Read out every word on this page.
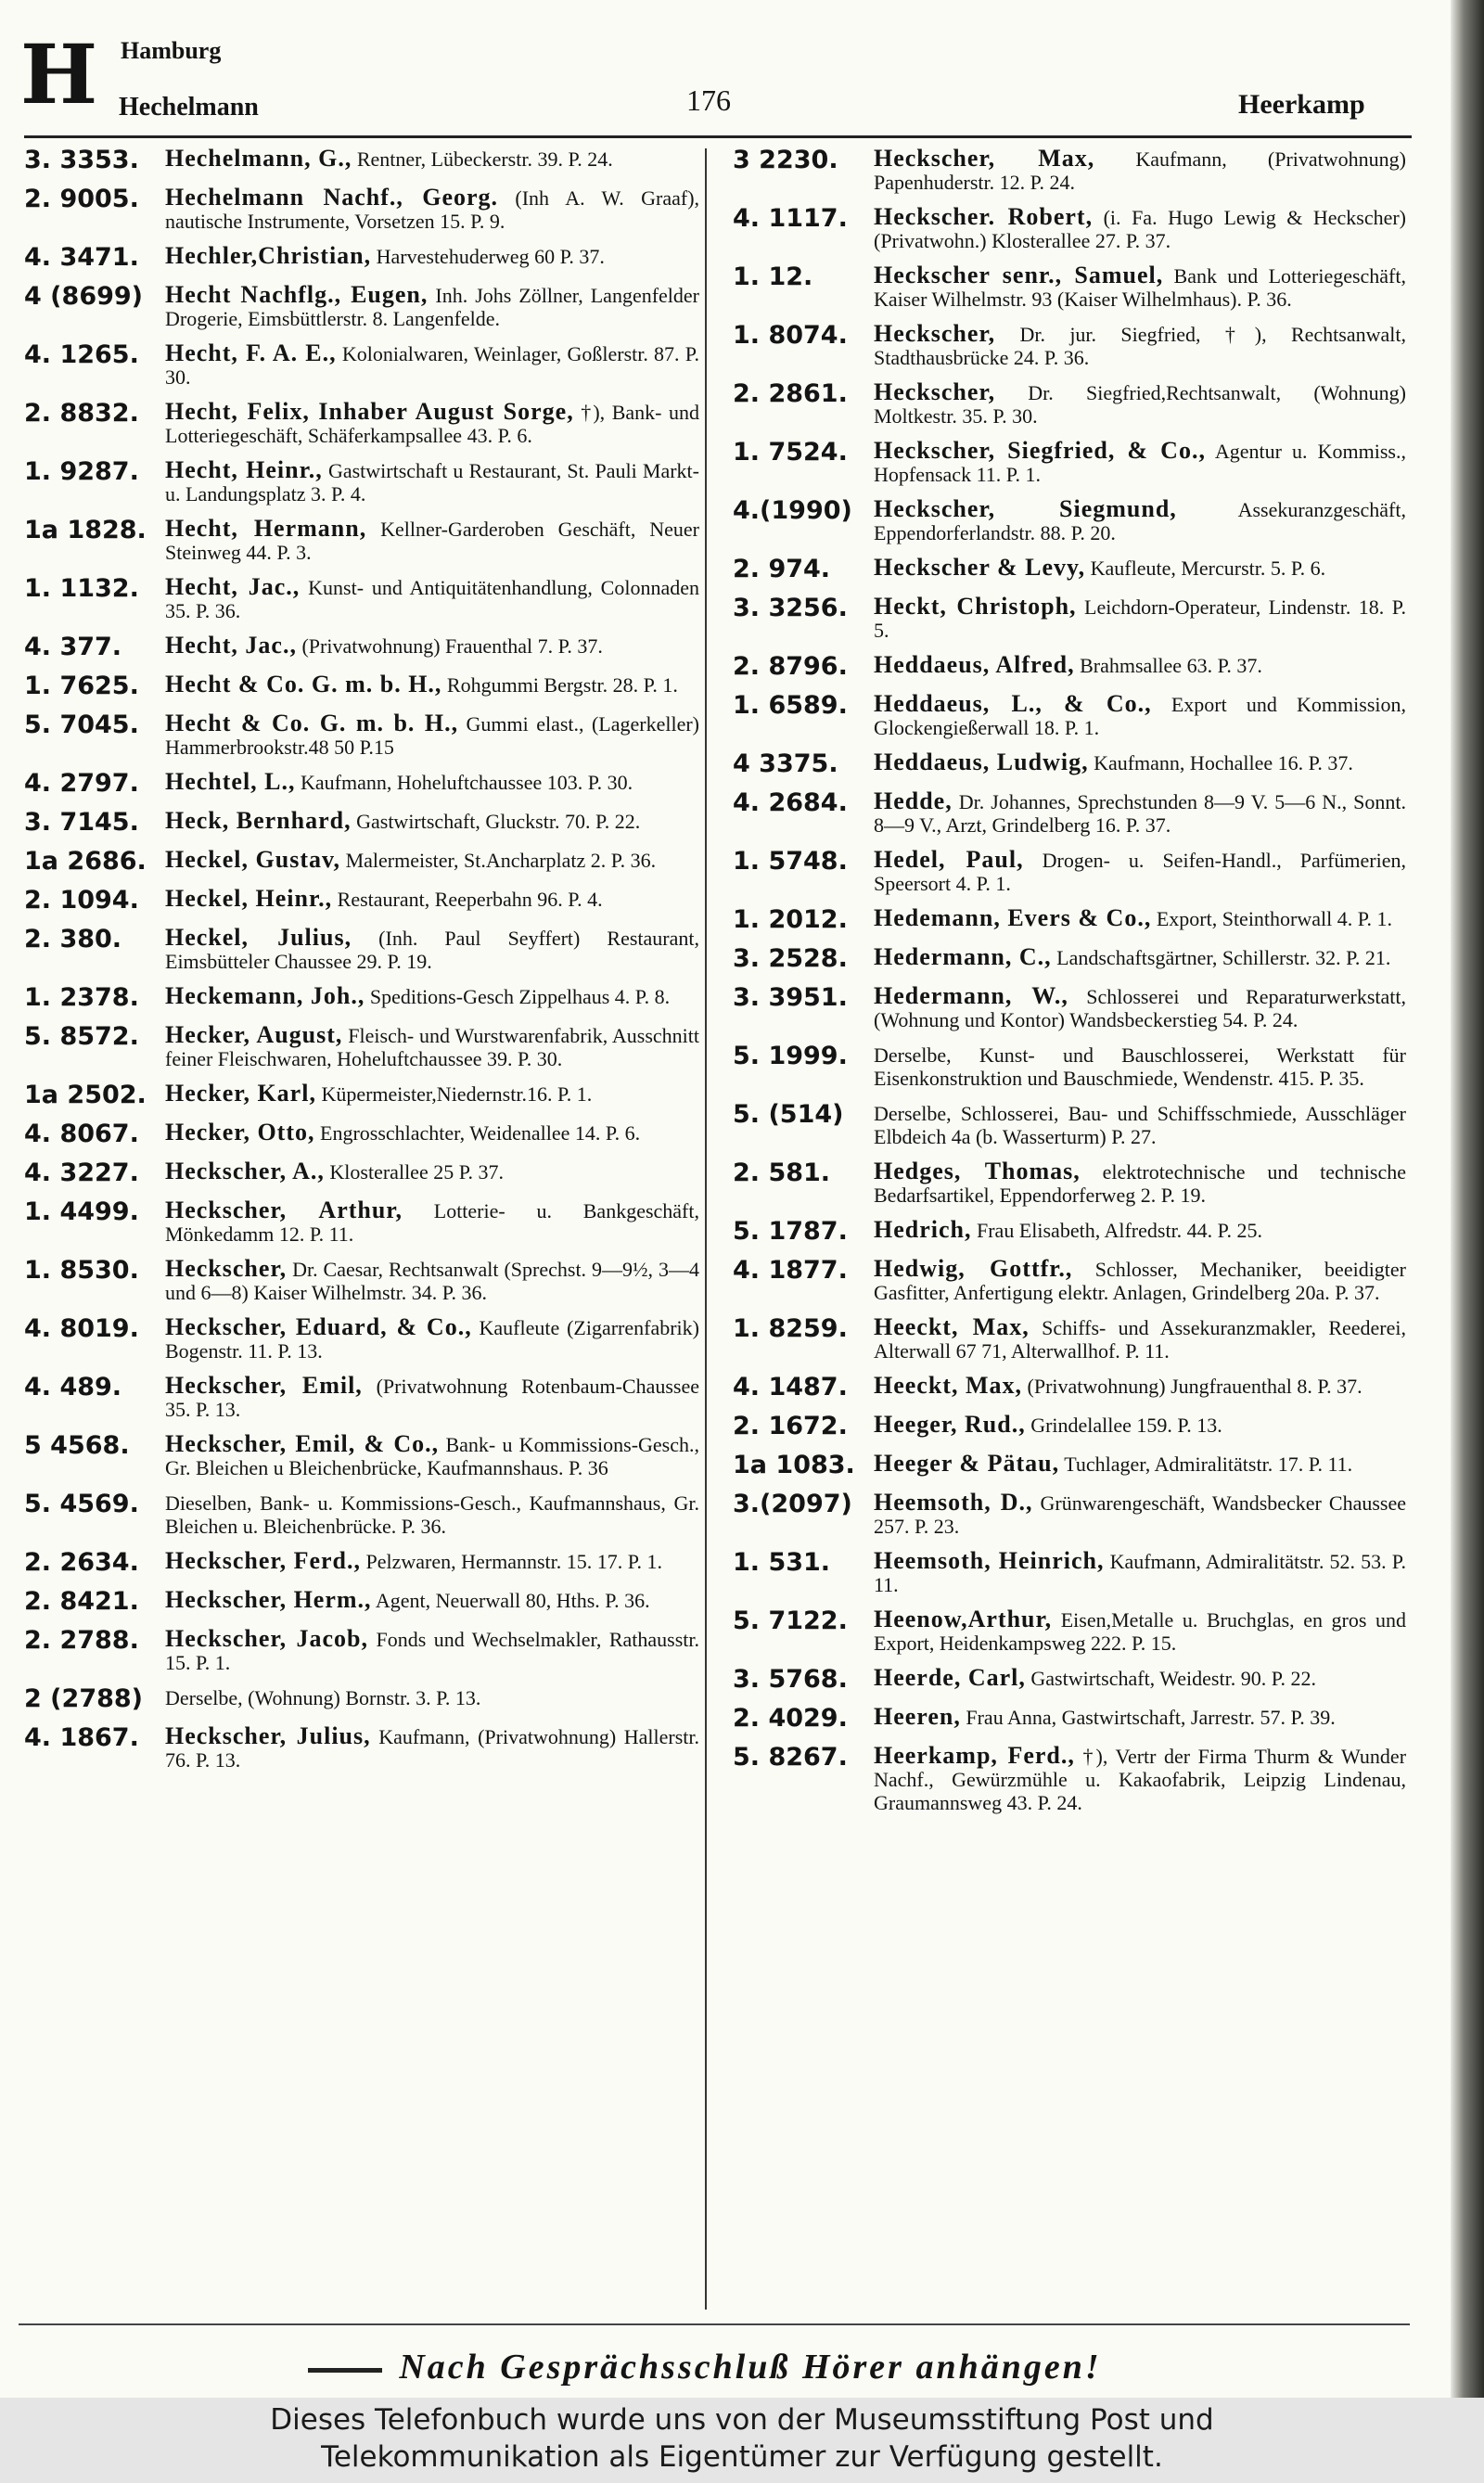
H Hamburg
Hechelmann	176	Heerkamp
3. 3353.	Hechelmann, G., Rentner, Lübeckerstr. 39. P. 24.
2. 9005.	Hechelmann Nachf., Georg. (Inh A. W. Graaf), nautische Instrumente, Vorsetzen 15. P. 9.
4. 3471.	Hechler,Christian, Harvestehuderweg 60 P. 37.
4 (8699) Hecht Nachflg., Eugen, Inh. Johs Zöllner, Langenfelder Drogerie, Eimsbüttlerstr. 8. Langenfelde.
4. 1265.	Hecht, F. A. E., Kolonialwaren, Weinlager, Goßlerstr. 87. P. 30.
2. 8832.	Hecht, Felix, Inhaber August Sorge, †), Bank- und Lotteriegeschäft, Schäferkampsallee 43. P. 6.
1. 9287.	Hecht, Heinr., Gastwirtschaft u Restaurant, St. Pauli Markt- u. Landungsplatz 3. P. 4.
1a 1828. Hecht, Hermann, Kellner-Garderoben Geschäft, Neuer Steinweg 44. P. 3.
1. 1132.	Hecht, Jac., Kunst- und Antiquitätenhandlung, Colonnaden 35. P. 36.
4. 377.	Hecht, Jac., (Privatwohnung) Frauenthal 7. P. 37.
1. 7625.	Hecht & Co. G. m. b. H., Rohgummi Bergstr. 28. P. 1.
5. 7045.	Hecht & Co. G. m. b. H., Gummi elast., (Lagerkeller) Hammerbrookstr.48 50 P.15
4. 2797.	Hechtel, L., Kaufmann, Hoheluftchaussee 103. P. 30.
3. 7145.	Heck, Bernhard, Gastwirtschaft, Gluckstr. 70. P. 22.
1a 2686. Heckel, Gustav, Malermeister, St.Ancharplatz 2. P. 36.
2. 1094.	Heckel, Heinr., Restaurant, Reeperbahn 96. P. 4.
2. 380.	Heckel, Julius, (Inh. Paul Seyffert) Restaurant, Eimsbütteler Chaussee 29. P. 19.
1. 2378.	Heckemann, Joh., Speditions-Gesch Zippelhaus 4. P. 8.
5. 8572.	Hecker, August, Fleisch- und Wurstwarenfabrik, Ausschnitt feiner Fleischwaren, Hoheluftchaussee 39. P. 30.
1a 2502. Hecker, Karl, Küpermeister,Niedernstr.16. P. 1.
4. 8067.	Hecker, Otto, Engrosschlachter, Weidenallee 14. P. 6.
4. 3227.	Heckscher, A., Klosterallee 25 P. 37.
1. 4499.	Heckscher, Arthur, Lotterie- u. Bankgeschäft, Mönkedamm 12. P. 11.
1. 8530.	Heckscher, Dr. Caesar, Rechtsanwalt (Sprechst. 9—9½, 3—4 und 6—8) Kaiser Wilhelmstr. 34. P. 36.
4. 8019.	Heckscher, Eduard, & Co., Kaufleute (Zigarrenfabrik) Bogenstr. 11. P. 13.
4. 489.	Heckscher, Emil, (Privatwohnung Rotenbaum-Chaussee 35. P. 13.
5 4568.	Heckscher, Emil, & Co., Bank- u Kommissions-Gesch., Gr. Bleichen u Bleichenbrücke, Kaufmannshaus. P. 36
5. 4569.	Dieselben, Bank- u. Kommissions-Gesch., Kaufmannshaus, Gr. Bleichen u. Bleichenbrücke. P. 36.
2. 2634.	Heckscher, Ferd., Pelzwaren, Hermannstr. 15. 17. P. 1.
2. 8421.	Heckscher, Herm., Agent, Neuerwall 80, Hths. P. 36.
2. 2788.	Heckscher, Jacob, Fonds und Wechselmakler, Rathausstr. 15. P. 1.
2 (2788)	Derselbe, (Wohnung) Bornstr. 3. P. 13.
4. 1867.	Heckscher, Julius, Kaufmann, (Privatwohnung) Hallerstr. 76. P. 13.
3 2230.	Heckscher, Max, Kaufmann, (Privatwohnung) Papenhuderstr. 12. P. 24.
4. 1117.	Heckscher. Robert, (i. Fa. Hugo Lewig & Heckscher) (Privatwohn.) Klosterallee 27. P. 37.
1. 12.	Heckscher senr., Samuel, Bank und Lotteriegeschäft, Kaiser Wilhelmstr. 93 (Kaiser Wilhelmhaus). P. 36.
1. 8074.	Heckscher, Dr. jur. Siegfried, †), Rechtsanwalt, Stadthausbrücke 24. P. 36.
2. 2861.	Heckscher, Dr. Siegfried,Rechtsanwalt, (Wohnung) Moltkestr. 35. P. 30.
1. 7524.	Heckscher, Siegfried, & Co., Agentur u. Kommiss., Hopfensack 11. P. 1.
4.(1990) Heckscher, Siegmund,	Assekuranzgeschäft, Eppendorferlandstr. 88. P. 20.
2. 974.	Heckscher & Levy, Kaufleute, Mercurstr. 5. P. 6.
3. 3256.	Heckt, Christoph, Leichdorn-Operateur, Lindenstr. 18. P. 5.
2. 8796.	Heddaeus, Alfred, Brahmsallee 63. P. 37.
1. 6589.	Heddaeus, L., & Co., Export und Kommission, Glockengießerwall 18. P. 1.
4 3375.	Heddaeus, Ludwig, Kaufmann, Hochallee 16. P. 37.
4. 2684.	Hedde, Dr. Johannes, Sprechstunden 8—9 V. 5—6 N., Sonnt. 8—9 V., Arzt, Grindelberg 16. P. 37.
1. 5748.	Hedel, Paul, Drogen- u. Seifen-Handl., Parfümerien, Speersort 4. P. 1.
1. 2012.	Hedemann, Evers & Co., Export, Steinthorwall 4. P. 1.
3. 2528.	Hedermann, C., Landschaftsgärtner, Schillerstr. 32. P. 21.
3. 3951.	Hedermann, W., Schlosserei und Reparaturwerkstatt, (Wohnung und Kontor) Wandsbeckerstieg 54. P. 24.
5. 1999.	Derselbe, Kunst- und Bauschlosserei, Werkstatt für Eisenkonstruktion und Bauschmiede, Wendenstr. 415. P. 35.
5. (514)	Derselbe, Schlosserei, Bau- und Schiffsschmiede, Ausschläger Elbdeich 4a (b. Wasserturm) P. 27.
2. 581.	Hedges, Thomas, elektrotechnische und technische Bedarfsartikel, Eppendorferweg 2. P. 19.
5. 1787.	Hedrich, Frau Elisabeth, Alfredstr. 44. P. 25.
4. 1877.	Hedwig, Gottfr., Schlosser, Mechaniker, beeidigter Gasfitter, Anfertigung elektr. Anlagen, Grindelberg 20a. P. 37.
1. 8259.	Heeckt, Max, Schiffs- und Assekuranzmakler, Reederei, Alterwall 67 71, Alterwallhof. P. 11.
4. 1487.	Heeckt, Max, (Privatwohnung) Jungfrauenthal 8. P. 37.
2. 1672.	Heeger, Rud., Grindelallee 159. P. 13.
1a 1083. Heeger & Pätau, Tuchlager, Admiralitätstr. 17. P. 11.
3.(2097) Heemsoth, D., Grünwarengeschäft, Wandsbecker Chaussee 257. P. 23.
1. 531.	Heemsoth, Heinrich, Kaufmann, Admiralitätstr. 52. 53. P. 11.
5. 7122.	Heenow,Arthur, Eisen,Metalle u. Bruchglas, en gros und Export, Heidenkampsweg 222. P. 15.
3. 5768.	Heerde, Carl, Gastwirtschaft, Weidestr. 90. P. 22.
2. 4029.	Heeren, Frau Anna, Gastwirtschaft, Jarrestr. 57. P. 39.
5. 8267.	Heerkamp, Ferd., †), Vertr der Firma Thurm & Wunder Nachf., Gewürzmühle u. Kakaofabrik, Leipzig Lindenau, Graumannsweg 43. P. 24.
Nach Gesprächsschluß Hörer anhängen!
Dieses Telefonbuch wurde uns von der Museumsstiftung Post und
Telekommunikation als Eigentümer zur Verfügung gestellt.
